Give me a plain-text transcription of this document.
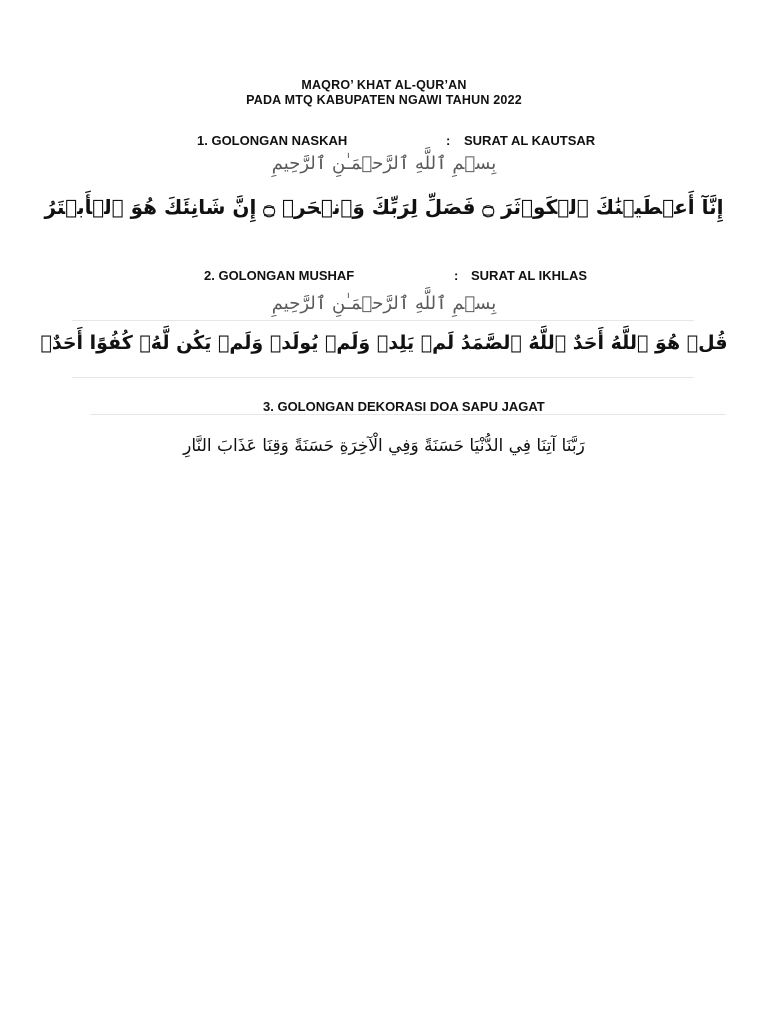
MAQRO’ KHAT AL-QUR’AN
PADA MTQ KABUPATEN NGAWI TAHUN 2022
1. GOLONGAN NASKAH	: SURAT AL KAUTSAR
بِسۡمِ ٱللَّهِ ٱلرَّحۡمَـٰنِ ٱلرَّحِيمِ
إِنَّآ أَعۡطَيۡنَٰكَ ٱلۡكَوۡثَرَ ۝ فَصَلِّ لِرَبِّكَ وَٱنۡحَرۡ ۝ إِنَّ شَانِئَكَ هُوَ ٱلۡأَبۡتَرُ
2. GOLONGAN MUSHAF	: SURAT AL IKHLAS
بِسۡمِ ٱللَّهِ ٱلرَّحۡمَـٰنِ ٱلرَّحِيمِ
قُلۡ هُوَ ٱللَّهُ أَحَدٌ ٱللَّهُ ٱلصَّمَدُ لَمۡ يَلِدۡ وَلَمۡ يُولَدۡ وَلَمۡ يَكُن لَّهُۥ كُفُوًا أَحَدٌۢ
3. GOLONGAN DEKORASI DOA SAPU JAGAT
رَبَّنَا آتِنَا فِي الدُّنْيَا حَسَنَةً وَفِي الْآخِرَةِ حَسَنَةً وَقِنَا عَذَابَ النَّارِ
